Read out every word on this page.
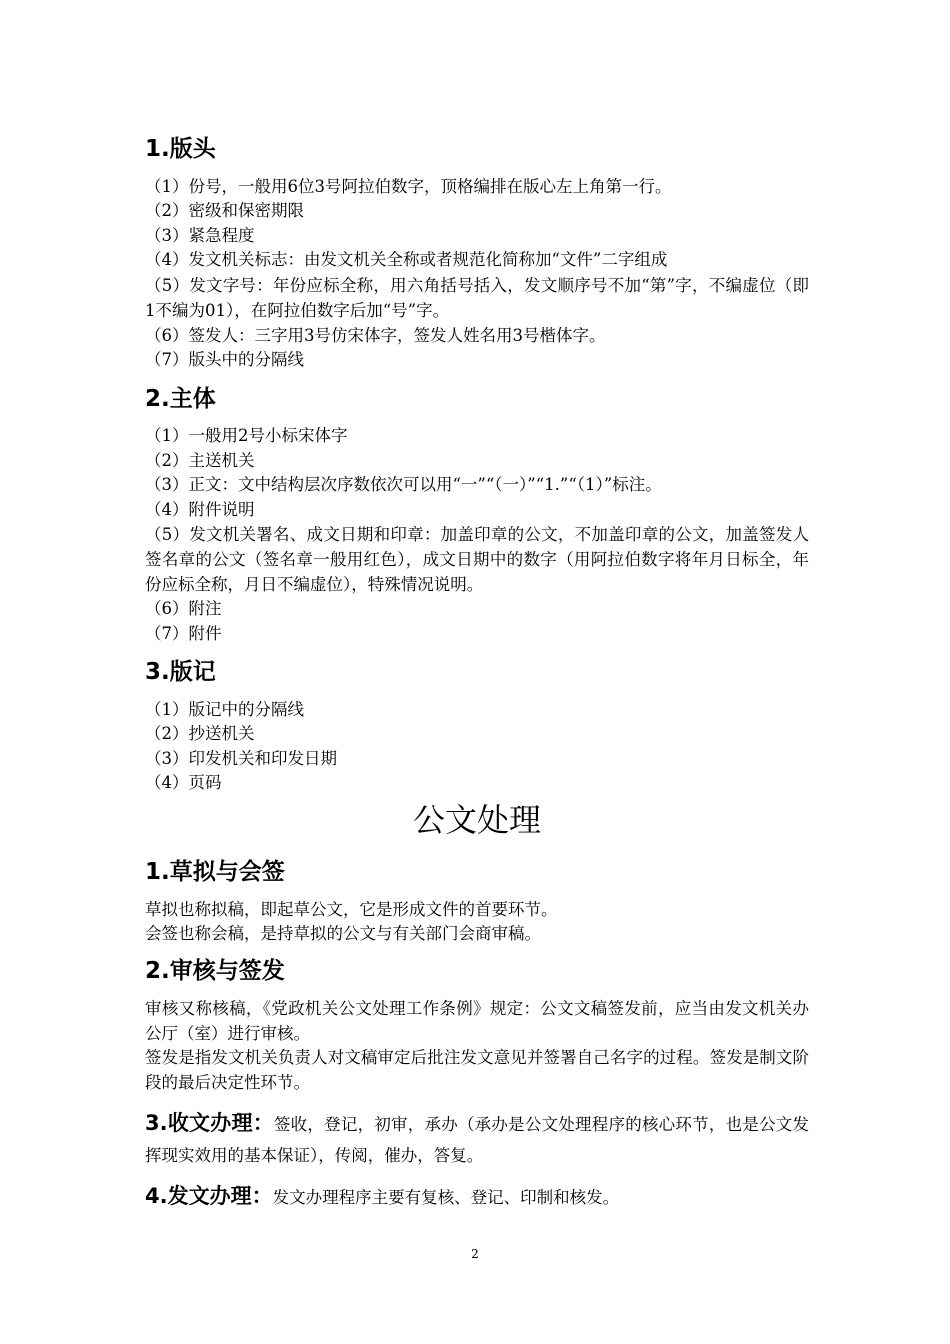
1.版头
（1）份号，一般用6位3号阿拉伯数字，顶格编排在版心左上角第一行。
（2）密级和保密期限
（3）紧急程度
（4）发文机关标志：由发文机关全称或者规范化简称加“文件”二字组成
（5）发文字号：年份应标全称，用六角括号括入，发文顺序号不加“第”字，不编虚位（即1不编为01），在阿拉伯数字后加“号”字。
（6）签发人：三字用3号仿宋体字，签发人姓名用3号楷体字。
（7）版头中的分隔线
2.主体
（1）一般用2号小标宋体字
（2）主送机关
（3）正文：文中结构层次序数依次可以用“一”“（一）”“1.”“（1）”标注。
（4）附件说明
（5）发文机关署名、成文日期和印章：加盖印章的公文，不加盖印章的公文，加盖签发人签名章的公文（签名章一般用红色），成文日期中的数字（用阿拉伯数字将年月日标全，年份应标全称，月日不编虚位），特殊情况说明。
（6）附注
（7）附件
3.版记
（1）版记中的分隔线
（2）抄送机关
（3）印发机关和印发日期
（4）页码
公文处理
1.草拟与会签
草拟也称拟稿，即起草公文，它是形成文件的首要环节。
会签也称会稿，是持草拟的公文与有关部门会商审稿。
2.审核与签发
审核又称核稿，《党政机关公文处理工作条例》规定：公文文稿签发前，应当由发文机关办公厅（室）进行审核。
签发是指发文机关负责人对文稿审定后批注发文意见并签署自己名字的过程。签发是制文阶段的最后决定性环节。
3.收文办理：签收，登记，初审，承办（承办是公文处理程序的核心环节，也是公文发挥现实效用的基本保证），传阅，催办，答复。
4.发文办理：发文办理程序主要有复核、登记、印制和核发。
2
